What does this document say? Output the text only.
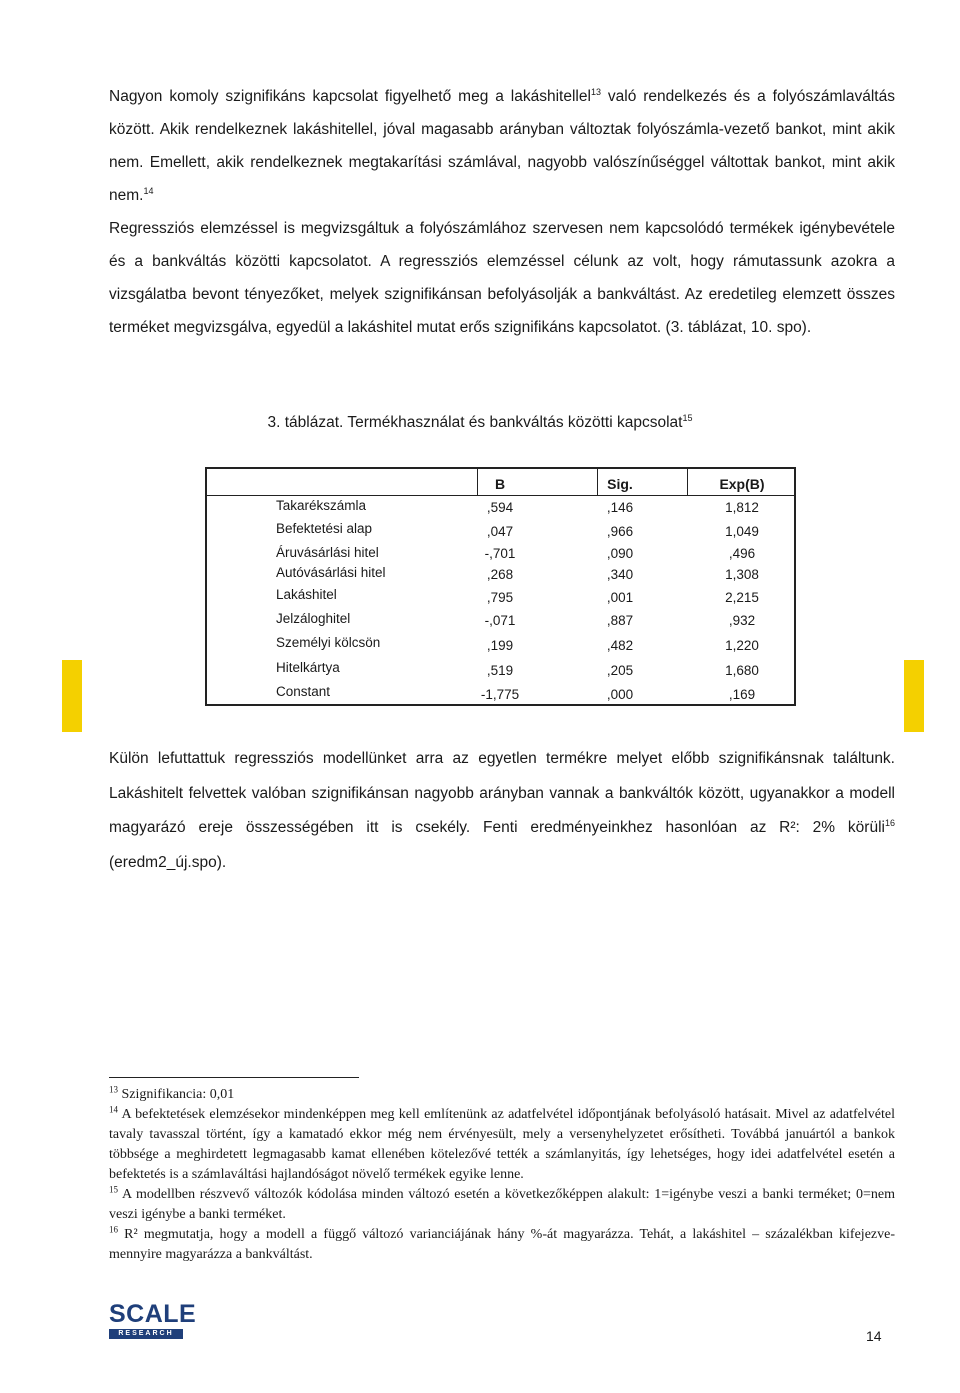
Nagyon komoly szignifikáns kapcsolat figyelhető meg a lakáshitellel$^{13}$ való rendelkezés és a folyószámlaváltás között. Akik rendelkeznek lakáshitellel, jóval magasabb arányban változtak folyószámla-vezető bankot, mint akik nem. Emellett, akik rendelkeznek megtakarítási számlával, nagyobb valószínűséggel váltottak bankot, mint akik nem.$^{14}$

Regressziós elemzéssel is megvizsgáltuk a folyószámlához szervesen nem kapcsolódó termékek igénybevétele és a bankváltás közötti kapcsolatot. A regressziós elemzéssel célunk az volt, hogy rámutassunk azokra a vizsgálatba bevont tényezőket, melyek szignifikánsan befolyásolják a bankváltást. Az eredetileg elemzett összes terméket megvizsgálva, egyedül a lakáshitel mutat erős szignifikáns kapcsolatot. (3. táblázat, 10. spo).

3. táblázat. Termékhasználat és bankváltás közötti kapcsolat$^{15}$

B	Sig.	Exp(B)
Takarékszámla	,594	,146	1,812
Befektetési alap	,047	,966	1,049
Áruvásárlási hitel	-,701	,090	,496
Autóvásárlási hitel	,268	,340	1,308
Lakáshitel	,795	,001	2,215
Jelzáloghitel	-,071	,887	,932
Személyi kölcsön	,199	,482	1,220
Hitelkártya	,519	,205	1,680
Constant	-1,775	,000	,169

Külön lefuttattuk regressziós modellünket arra az egyetlen termékre melyet előbb szignifikánsnak találtunk. Lakáshitelt felvettek valóban szignifikánsan nagyobb arányban vannak a bankváltók között, ugyanakkor a modell magyarázó ereje összességében itt is csekély. Fenti eredményeinkhez hasonlóan az R²: 2% körüli$^{16}$ (eredm2_új.spo).

$^{13}$ Szignifikancia: 0,01

$^{14}$ A befektetések elemzésekor mindenképpen meg kell említenünk az adatfelvétel időpontjának befolyásoló hatásait. Mivel az adatfelvétel tavaly tavasszal történt, így a kamatadó ekkor még nem érvényesült, mely a versenyhelyzetet erősítheti. Továbbá januártól a bankok többsége a meghirdetett legmagasabb kamat ellenében kötelezővé tették a számlanyitás, így lehetséges, hogy idei adatfelvétel esetén a befektetés is a számlaváltási hajlandóságot növelő termékek egyike lenne.

$^{15}$ A modellben részvevő változók kódolása minden változó esetén a következőképpen alakult: 1=igénybe veszi a banki terméket; 0=nem veszi igénybe a banki terméket.

$^{16}$ R² megmutatja, hogy a modell a függő változó varianciájának hány %-át magyarázza. Tehát, a lakáshitel – százalékban kifejezve- mennyire magyarázza a bankváltást.

SCALE
RESEARCH	14
